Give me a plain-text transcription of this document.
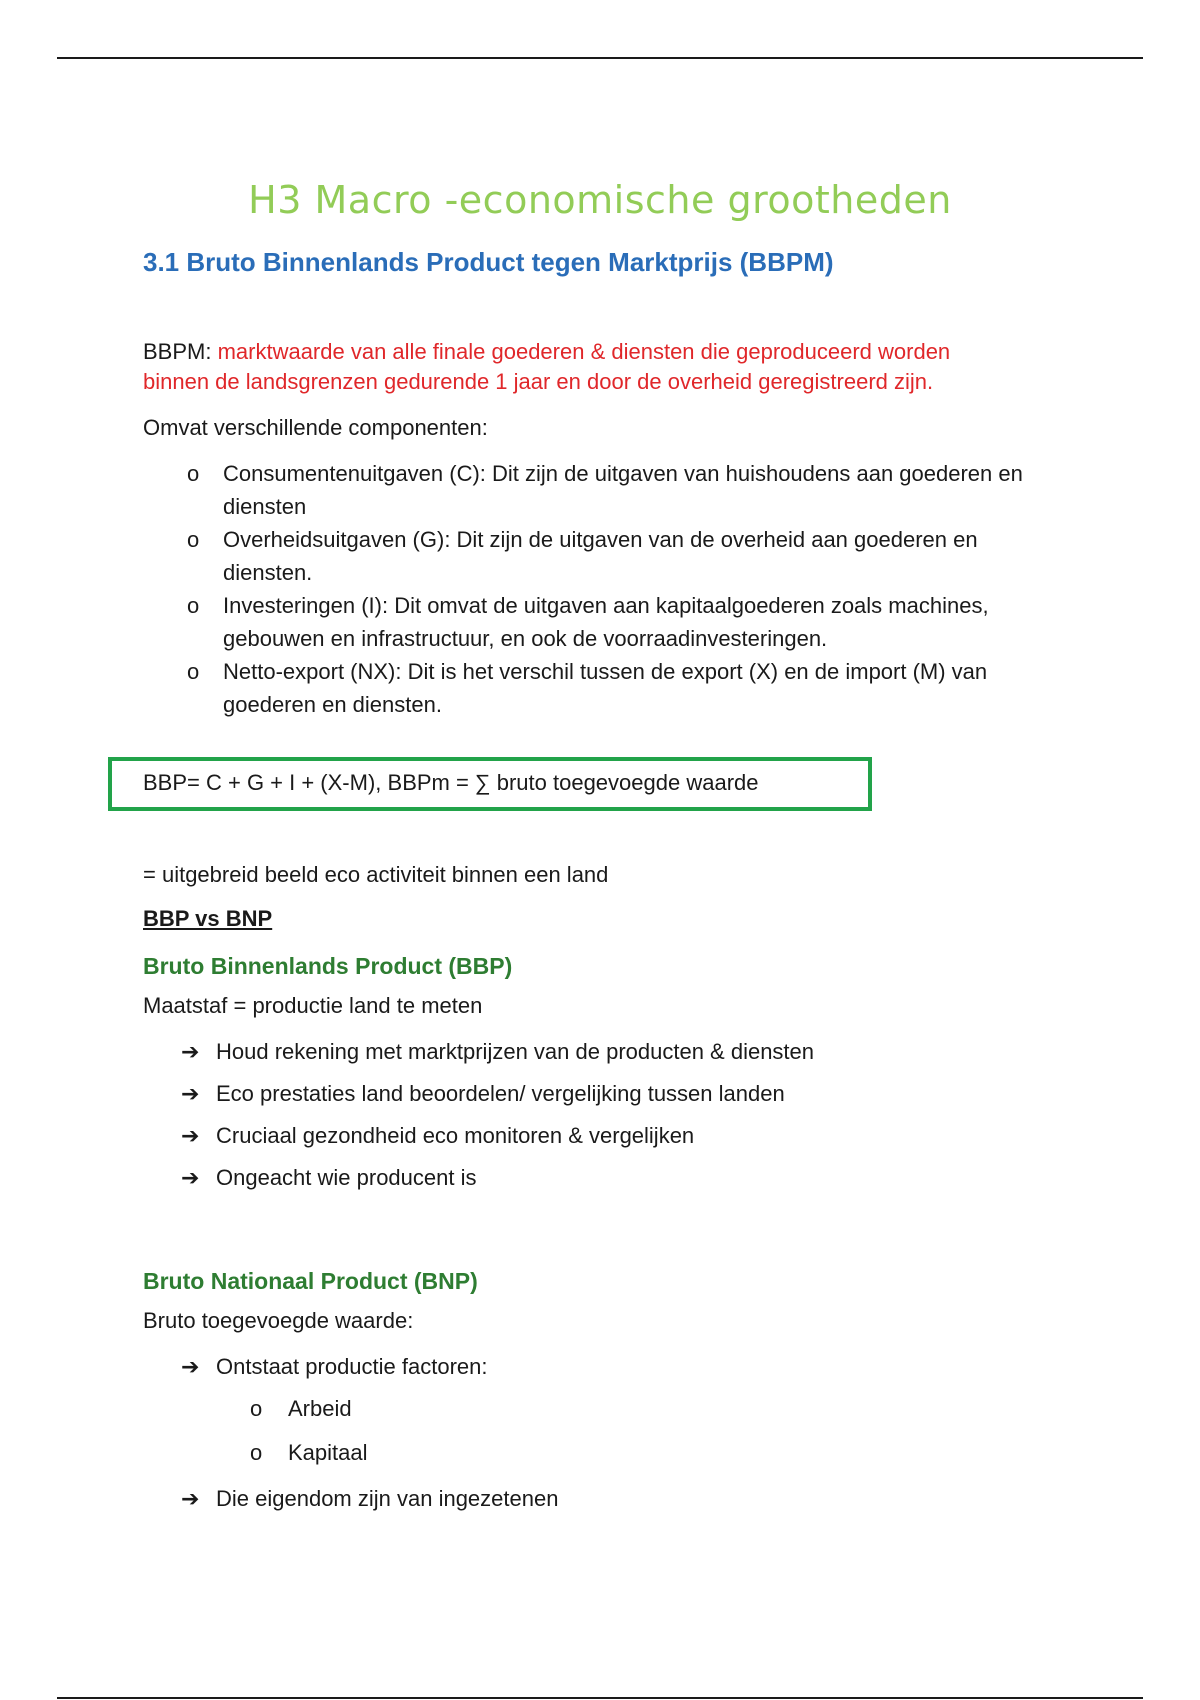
H3 Macro -economische grootheden
3.1 Bruto Binnenlands Product tegen Marktprijs (BBPM)
BBPM: marktwaarde van alle finale goederen & diensten die geproduceerd worden
binnen de landsgrenzen gedurende 1 jaar en door de overheid geregistreerd zijn.
Omvat verschillende componenten:
o Consumentenuitgaven (C): Dit zijn de uitgaven van huishoudens aan goederen en diensten
o Overheidsuitgaven (G): Dit zijn de uitgaven van de overheid aan goederen en diensten.
o Investeringen (I): Dit omvat de uitgaven aan kapitaalgoederen zoals machines, gebouwen en infrastructuur, en ook de voorraadinvesteringen.
o Netto-export (NX): Dit is het verschil tussen de export (X) en de import (M) van goederen en diensten.
BBP= C + G + I + (X-M), BBPm = ∑ bruto toegevoegde waarde
= uitgebreid beeld eco activiteit binnen een land
BBP vs BNP
Bruto Binnenlands Product (BBP)
Maatstaf = productie land te meten
➔ Houd rekening met marktprijzen van de producten & diensten
➔ Eco prestaties land beoordelen/ vergelijking tussen landen
➔ Cruciaal gezondheid eco monitoren & vergelijken
➔ Ongeacht wie producent is
Bruto Nationaal Product (BNP)
Bruto toegevoegde waarde:
➔ Ontstaat productie factoren:
o Arbeid
o Kapitaal
➔ Die eigendom zijn van ingezetenen
